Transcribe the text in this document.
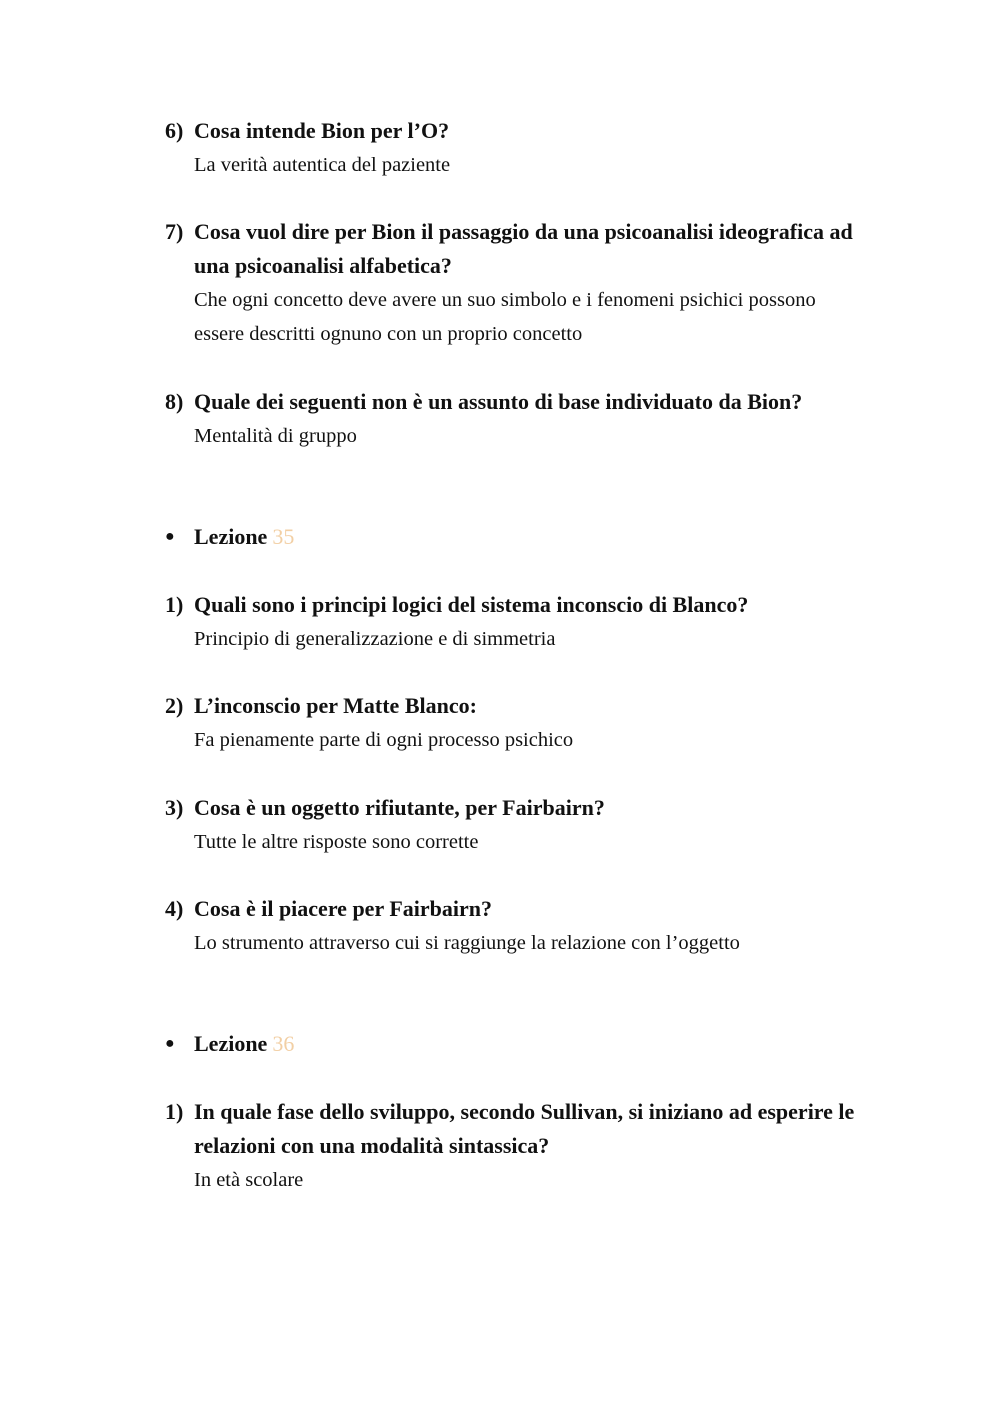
6) Cosa intende Bion per l’O?
La verità autentica del paziente
7) Cosa vuol dire per Bion il passaggio da una psicoanalisi ideografica ad una psicoanalisi alfabetica?
Che ogni concetto deve avere un suo simbolo e i fenomeni psichici possono essere descritti ognuno con un proprio concetto
8) Quale dei seguenti non è un assunto di base individuato da Bion?
Mentalità di gruppo
● Lezione 35
1) Quali sono i principi logici del sistema inconscio di Blanco?
Principio di generalizzazione e di simmetria
2) L’inconscio per Matte Blanco:
Fa pienamente parte di ogni processo psichico
3) Cosa è un oggetto rifiutante, per Fairbairn?
Tutte le altre risposte sono corrette
4) Cosa è il piacere per Fairbairn?
Lo strumento attraverso cui si raggiunge la relazione con l’oggetto
● Lezione 36
1) In quale fase dello sviluppo, secondo Sullivan, si iniziano ad esperire le relazioni con una modalità sintassica?
In età scolare
